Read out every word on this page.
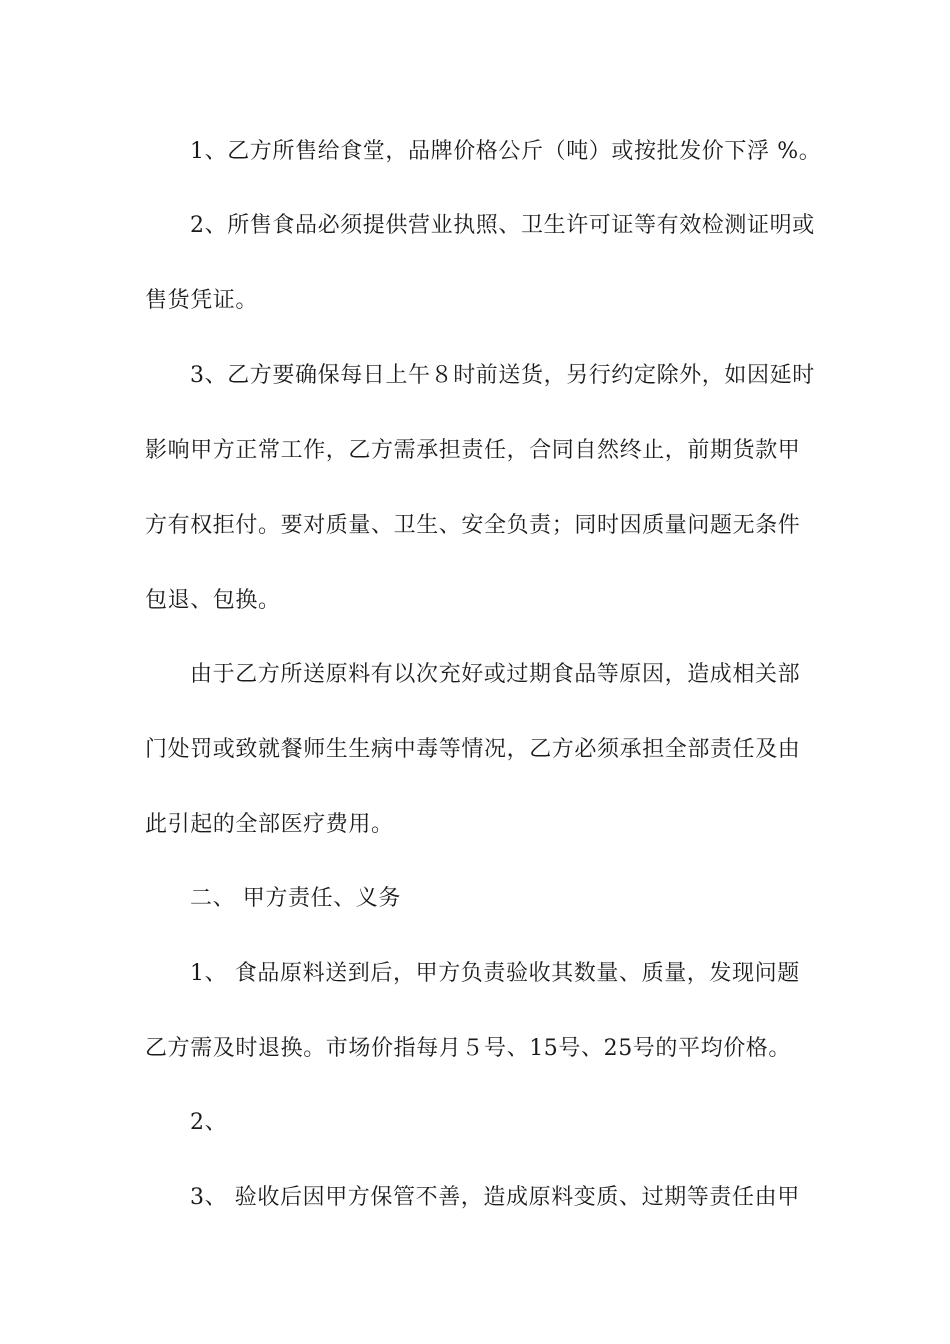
1、乙方所售给食堂，品牌价格公斤（吨）或按批发价下浮 %。
2、所售食品必须提供营业执照、卫生许可证等有效检测证明或
售货凭证。
3、乙方要确保每日上午８时前送货，另行约定除外，如因延时
影响甲方正常工作，乙方需承担责任，合同自然终止，前期货款甲
方有权拒付。要对质量、卫生、安全负责；同时因质量问题无条件
包退、包换。
由于乙方所送原料有以次充好或过期食品等原因，造成相关部
门处罚或致就餐师生生病中毒等情况，乙方必须承担全部责任及由
此引起的全部医疗费用。
二、 甲方责任、义务
1、 食品原料送到后，甲方负责验收其数量、质量，发现问题
乙方需及时退换。市场价指每月５号、15号、25号的平均价格。
2、
3、 验收后因甲方保管不善，造成原料变质、过期等责任由甲
